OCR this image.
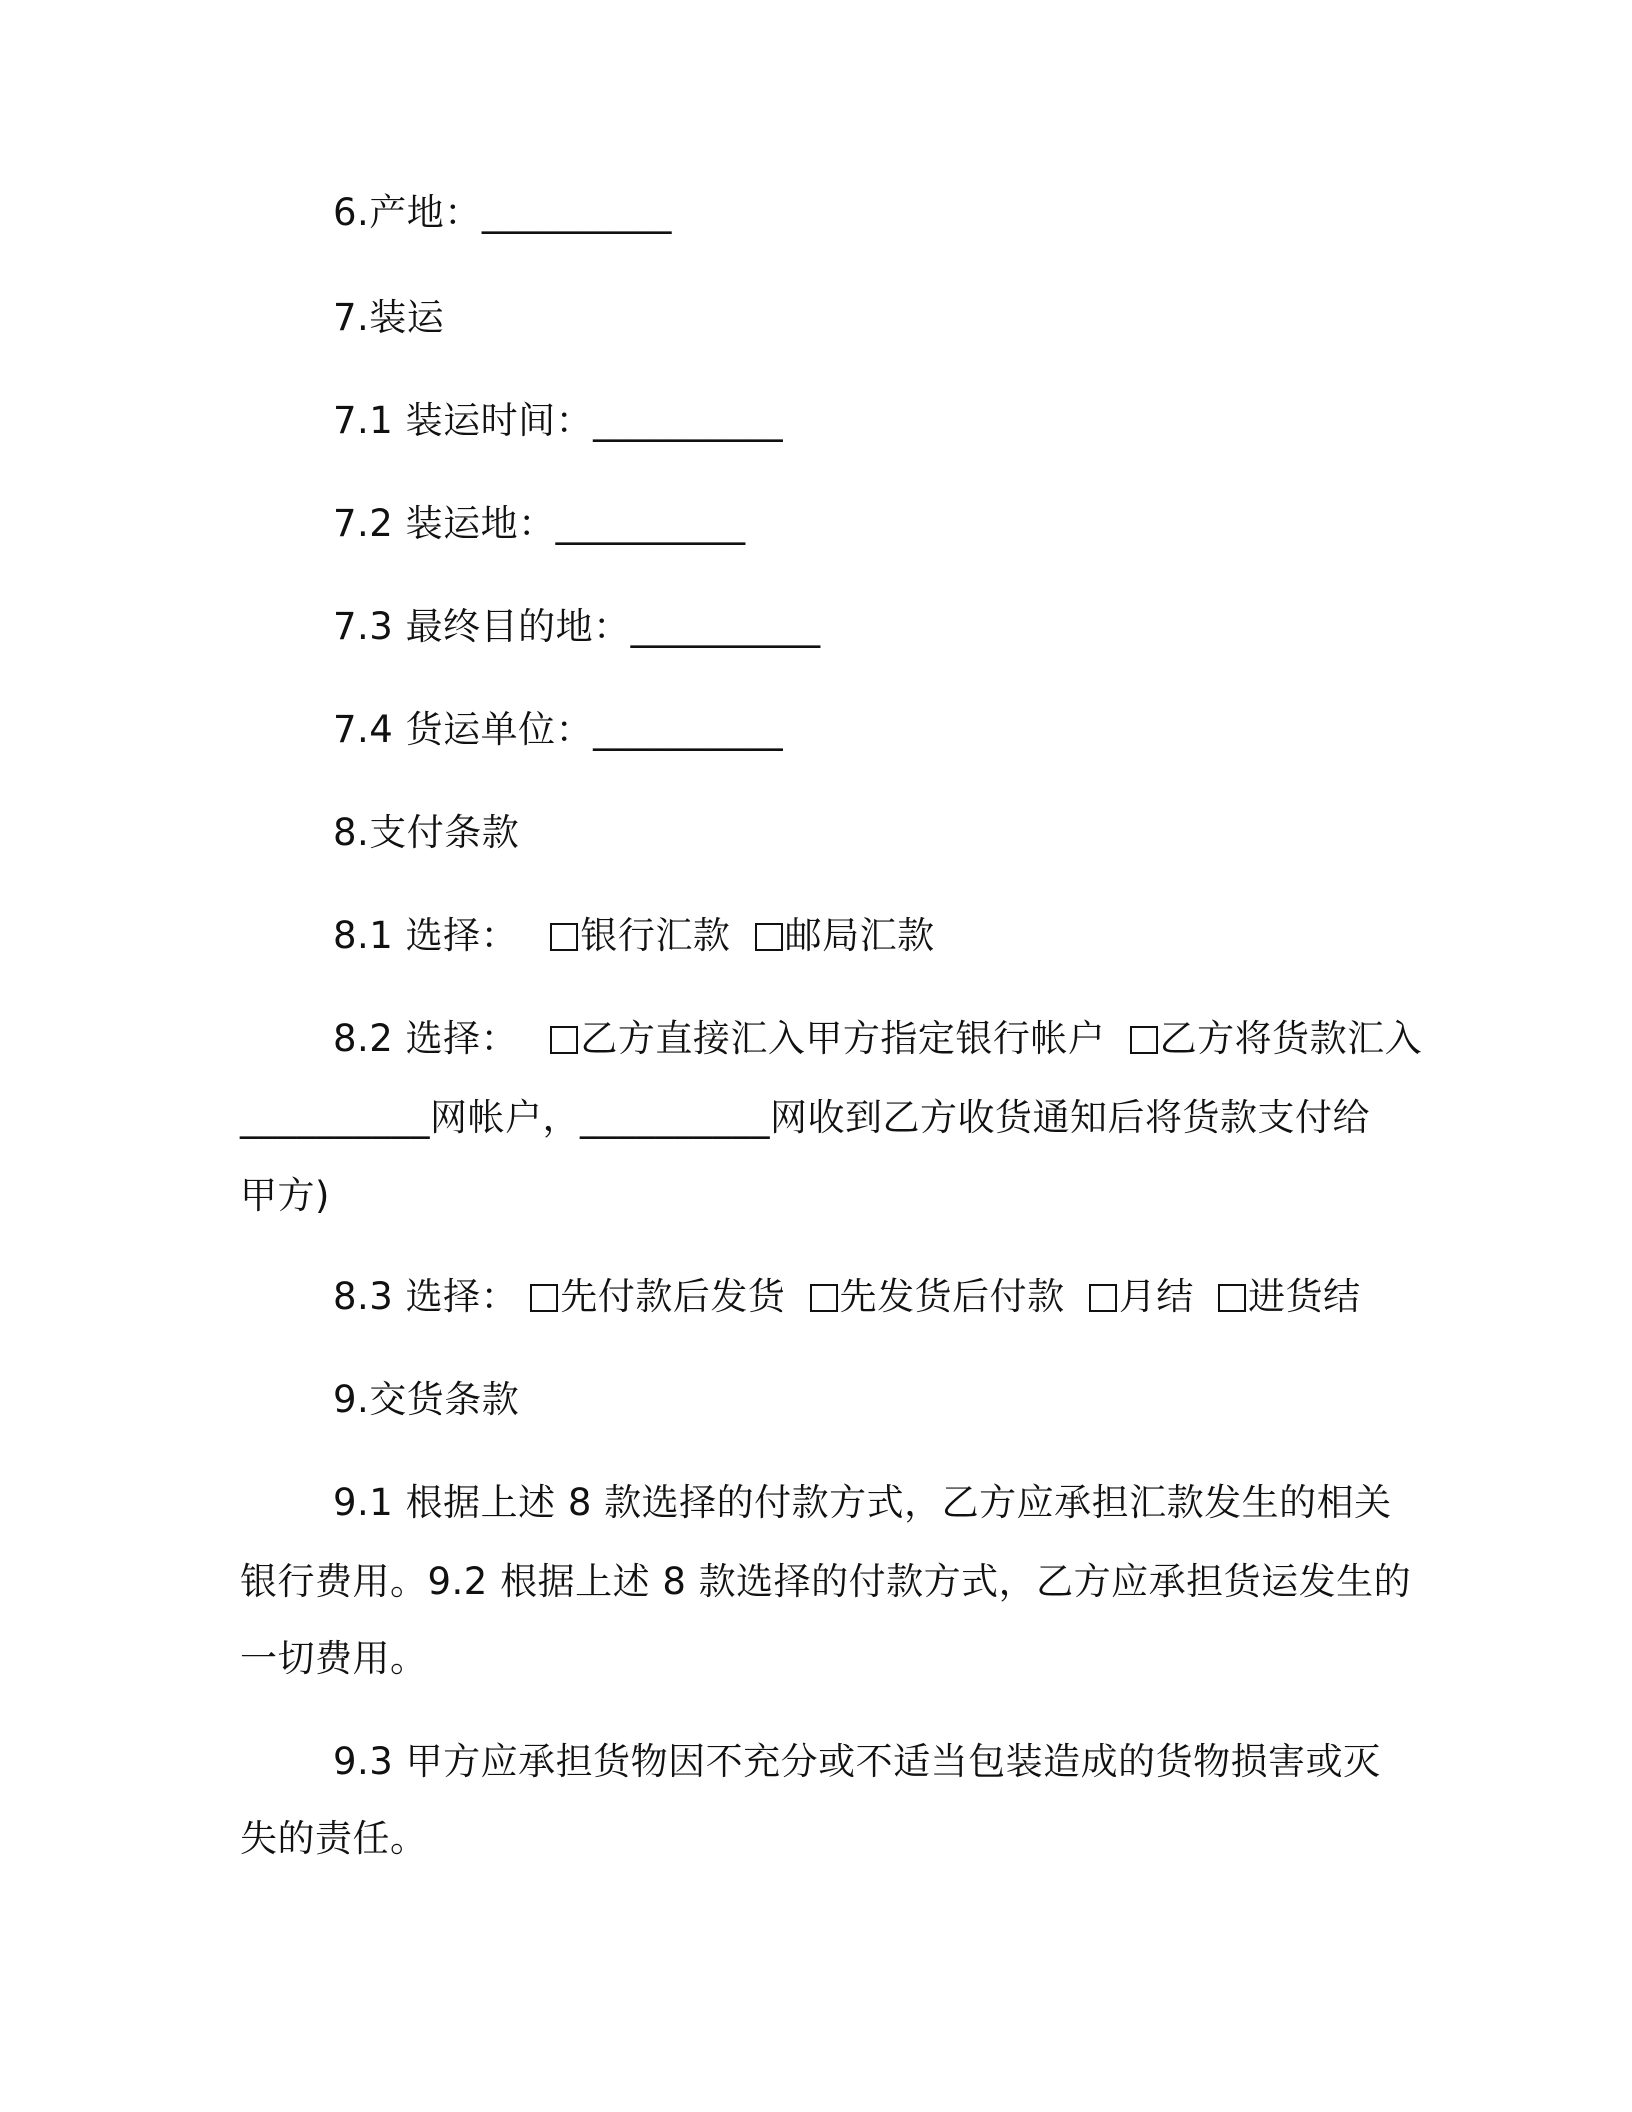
6.产地：__________
7.装运
7.1 装运时间：__________
7.2 装运地：__________
7.3 最终目的地：__________
7.4 货运单位：__________
8.支付条款
8.1 选择： 银行汇款 邮局汇款
8.2 选择： 乙方直接汇入甲方指定银行帐户 乙方将货款汇入
__________网帐户，__________网收到乙方收货通知后将货款支付给
甲方)
8.3 选择： 先付款后发货 先发货后付款 月结 进货结
9.交货条款
9.1 根据上述 8 款选择的付款方式，乙方应承担汇款发生的相关
银行费用。9.2 根据上述 8 款选择的付款方式，乙方应承担货运发生的
一切费用。
9.3 甲方应承担货物因不充分或不适当包装造成的货物损害或灭
失的责任。
